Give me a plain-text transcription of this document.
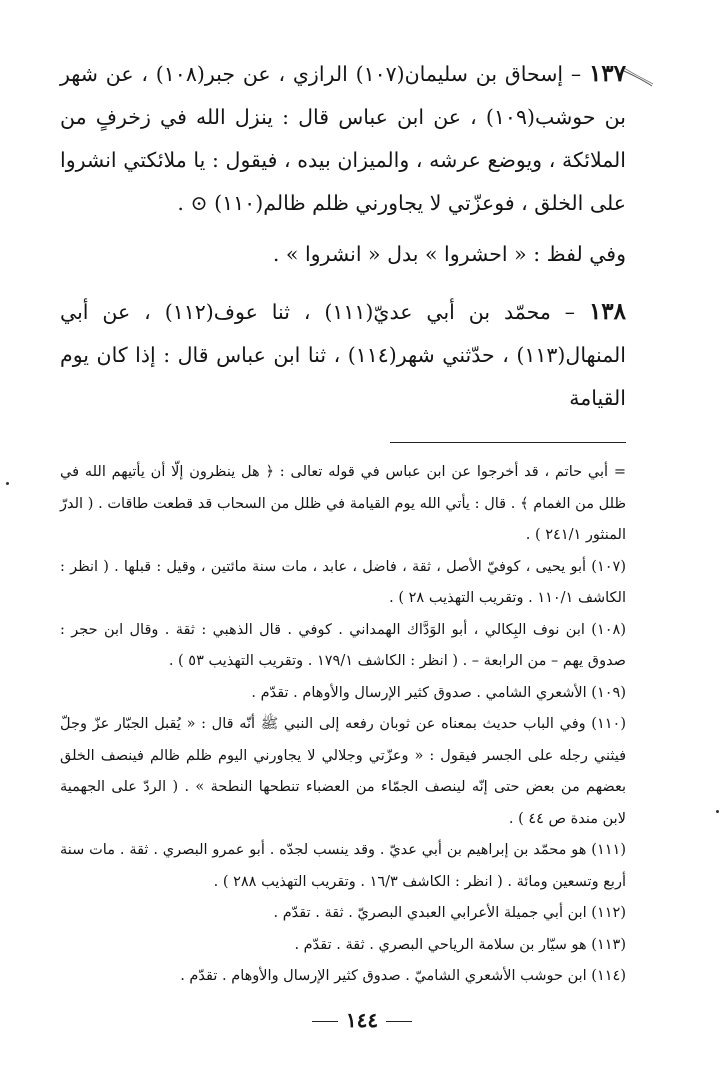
١٣٧ – إسحاق بن سليمان(١٠٧) الرازي ، عن جبر(١٠٨) ، عن شهر بن حوشب(١٠٩) ، عن ابن عباس قال : ينزل الله في زخرفٍ من الملائكة ، ويوضع عرشه ، والميزان بيده ، فيقول : يا ملائكتي انشروا على الخلق ، فوعزّتي لا يجاورني ظلم ظالم(١١٠) ⊙ .

وفي لفظ : « احشروا » بدل « انشروا » .

١٣٨ – محمّد بن أبي عديّ(١١١) ، ثنا عوف(١١٢) ، عن أبي المنهال(١١٣) ، حدّثني شهر(١١٤) ، ثنا ابن عباس قال : إذا كان يوم القيامة

= أبي حاتم ، قد أخرجوا عن ابن عباس في قوله تعالى : ﴿ هل ينظرون إلّا أن يأتيهم الله في ظلل من الغمام ﴾ . قال : يأتي الله يوم القيامة في ظلل من السحاب قد قطعت طاقات . ( الدرّ المنثور ٢٤١/١ ) .

(١٠٧) أبو يحيى ، كوفيّ الأصل ، ثقة ، فاضل ، عابد ، مات سنة مائتين ، وقيل : قبلها . ( انظر : الكاشف ١١٠/١ . وتقريب التهذيب ٢٨ ) .

(١٠٨) ابن نوف البِكالي ، أبو الوَدَّاك الهمداني . كوفي . قال الذهبي : ثقة . وقال ابن حجر : صدوق يهم – من الرابعة – . ( انظر : الكاشف ١٧٩/١ . وتقريب التهذيب ٥٣ ) .

(١٠٩) الأشعري الشامي . صدوق كثير الإرسال والأوهام . تقدّم .

(١١٠) وفي الباب حديث بمعناه عن ثوبان رفعه إلى النبي ﷺ أنّه قال : « يُقبل الجبّار عزّ وجلّ فيثني رجله على الجسر فيقول : « وعزّتي وجلالي لا يجاورني اليوم ظلم ظالم فينصف الخلق بعضهم من بعض حتى إنّه لينصف الجمّاء من العضباء تنطحها النطحة » . ( الردّ على الجهمية لابن مندة ص ٤٤ ) .

(١١١) هو محمّد بن إبراهيم بن أبي عديّ . وقد ينسب لجدّه . أبو عمرو البصري . ثقة . مات سنة أربع وتسعين ومائة . ( انظر : الكاشف ١٦/٣ . وتقريب التهذيب ٢٨٨ ) .

(١١٢) ابن أبي جميلة الأعرابي العبدي البصريّ . ثقة . تقدّم .

(١١٣) هو سيّار بن سلامة الرياحي البصري . ثقة . تقدّم .

(١١٤) ابن حوشب الأشعري الشاميّ . صدوق كثير الإرسال والأوهام . تقدّم .

١٤٤
